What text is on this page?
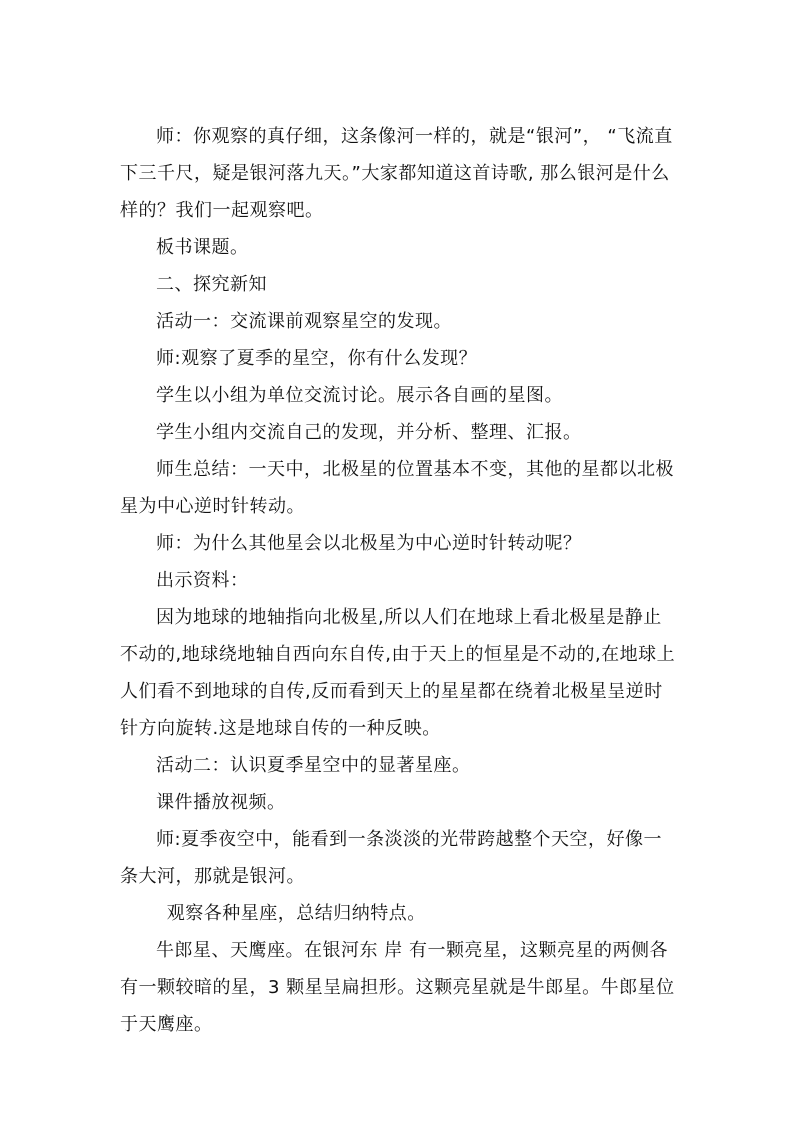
师：你观察的真仔细，这条像河一样的，就是“银河”， “飞流直下三千尺，疑是银河落九天。”大家都知道这首诗歌, 那么银河是什么样的？我们一起观察吧。

板书课题。

二、探究新知

活动一：交流课前观察星空的发现。

师:观察了夏季的星空，你有什么发现？

学生以小组为单位交流讨论。展示各自画的星图。

学生小组内交流自己的发现，并分析、整理、汇报。

师生总结：一天中，北极星的位置基本不变，其他的星都以北极星为中心逆时针转动。

师：为什么其他星会以北极星为中心逆时针转动呢？

出示资料：

因为地球的地轴指向北极星,所以人们在地球上看北极星是静止不动的,地球绕地轴自西向东自传,由于天上的恒星是不动的,在地球上人们看不到地球的自传,反而看到天上的星星都在绕着北极星呈逆时针方向旋转.这是地球自传的一种反映。

活动二：认识夏季星空中的显著星座。

课件播放视频。

师:夏季夜空中，能看到一条淡淡的光带跨越整个天空，好像一条大河，那就是银河。

观察各种星座，总结归纳特点。

牛郎星、天鹰座。在银河东 岸 有一颗亮星，这颗亮星的两侧各有一颗较暗的星，3 颗星呈扁担形。这颗亮星就是牛郎星。牛郎星位于天鹰座。
